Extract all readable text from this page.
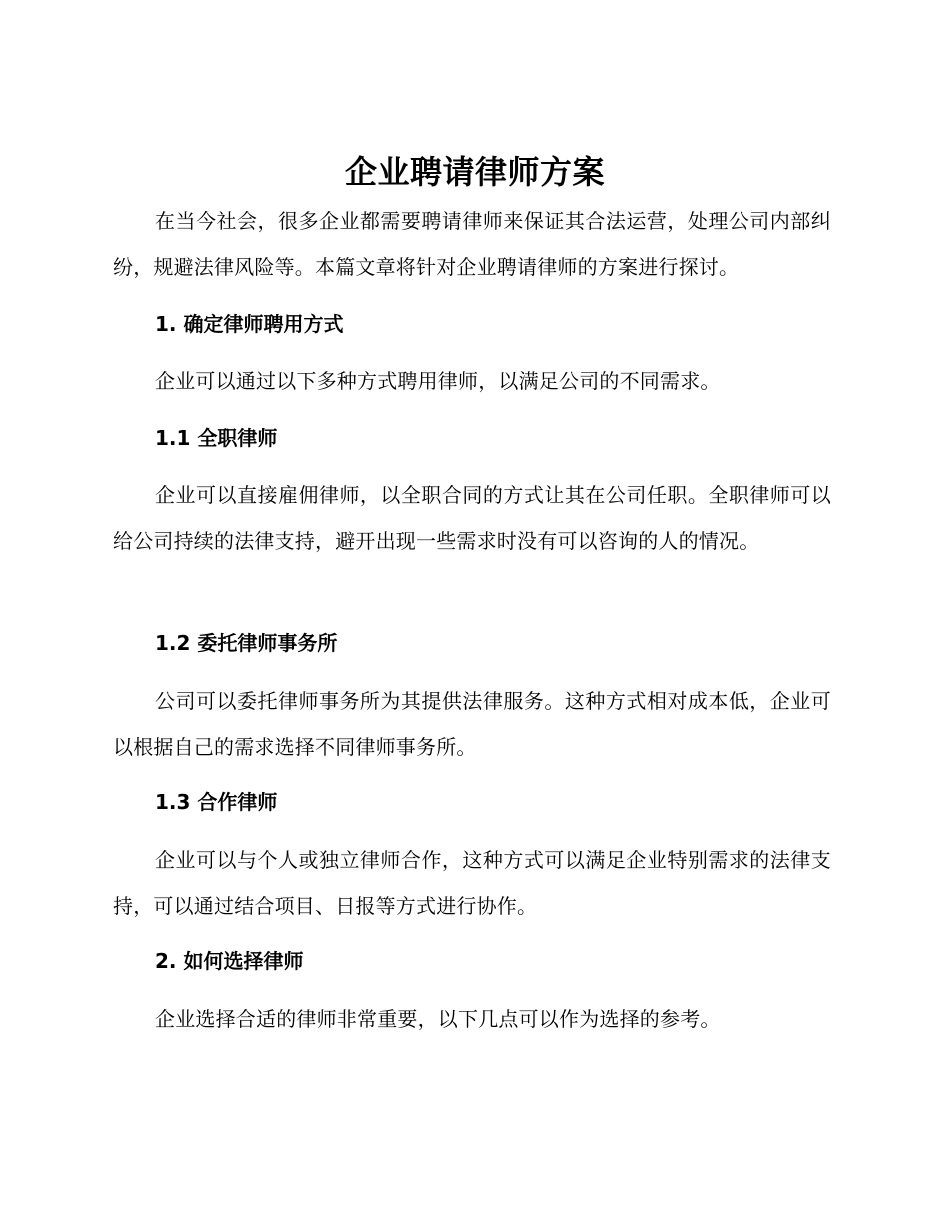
企业聘请律师方案

在当今社会，很多企业都需要聘请律师来保证其合法运营，处理公司内部纠纷，规避法律风险等。本篇文章将针对企业聘请律师的方案进行探讨。

1. 确定律师聘用方式

企业可以通过以下多种方式聘用律师，以满足公司的不同需求。

1.1 全职律师

企业可以直接雇佣律师，以全职合同的方式让其在公司任职。全职律师可以给公司持续的法律支持，避开出现一些需求时没有可以咨询的人的情况。

1.2 委托律师事务所

公司可以委托律师事务所为其提供法律服务。这种方式相对成本低，企业可以根据自己的需求选择不同律师事务所。

1.3 合作律师

企业可以与个人或独立律师合作，这种方式可以满足企业特别需求的法律支持，可以通过结合项目、日报等方式进行协作。

2. 如何选择律师

企业选择合适的律师非常重要，以下几点可以作为选择的参考。
